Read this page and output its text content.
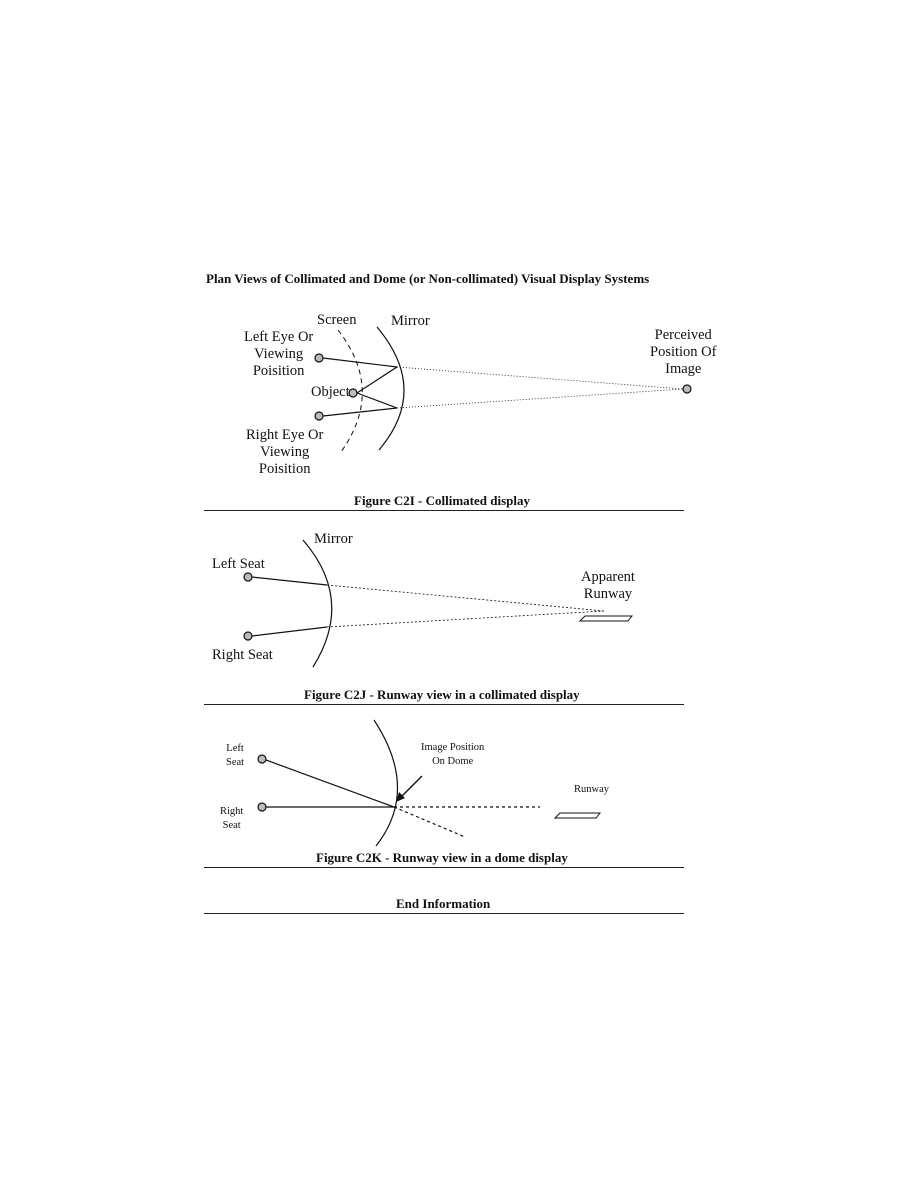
Plan Views of Collimated and Dome (or Non-collimated) Visual Display Systems
Screen Mirror
Left Eye Or
Viewing
Poisition
Object
Right Eye Or
Viewing
Poisition
Perceived
Position Of
Image
Figure C2I - Collimated display
Mirror
Left Seat
Apparent
Runway
Right Seat
Figure C2J - Runway view in a collimated display
Left
Seat
Image Position
On Dome
Runway
Right
Seat
Figure C2K - Runway view in a dome display
End Information
